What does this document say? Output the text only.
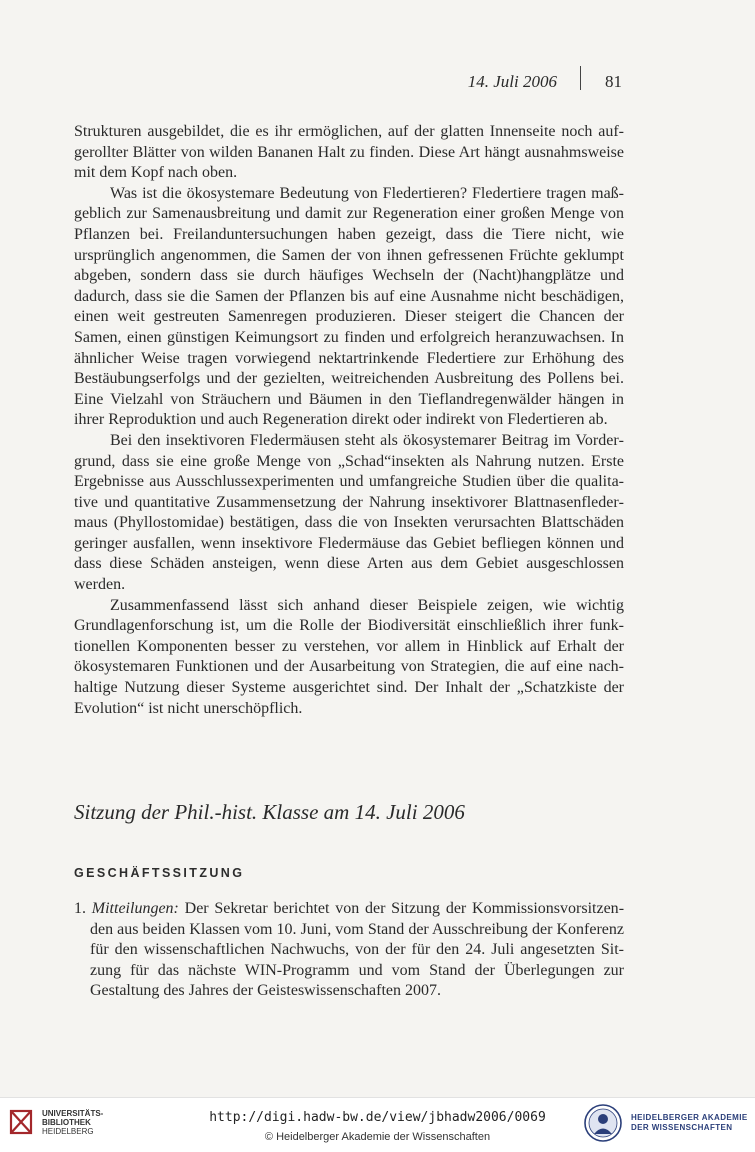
14. Juli 2006	81

Strukturen ausgebildet, die es ihr ermöglichen, auf der glatten Innenseite noch aufgerollter Blätter von wilden Bananen Halt zu finden. Diese Art hängt ausnahmsweise mit dem Kopf nach oben.

Was ist die ökosystemare Bedeutung von Fledertieren? Fledertiere tragen maßgeblich zur Samenausbreitung und damit zur Regeneration einer großen Menge von Pflanzen bei. Freilanduntersuchungen haben gezeigt, dass die Tiere nicht, wie ursprünglich angenommen, die Samen der von ihnen gefressenen Früchte geklumpt abgeben, sondern dass sie durch häufiges Wechseln der (Nacht)hangplätze und dadurch, dass sie die Samen der Pflanzen bis auf eine Ausnahme nicht beschädigen, einen weit gestreuten Samenregen produzieren. Dieser steigert die Chancen der Samen, einen günstigen Keimungsort zu finden und erfolgreich heranzuwachsen. In ähnlicher Weise tragen vorwiegend nektartrinkende Fledertiere zur Erhöhung des Bestäubungserfolgs und der gezielten, weitreichenden Ausbreitung des Pollens bei. Eine Vielzahl von Sträuchern und Bäumen in den Tieflandregenwälder hängen in ihrer Reproduktion und auch Regeneration direkt oder indirekt von Fledertieren ab.

Bei den insektivoren Fledermäusen steht als ökosystemarer Beitrag im Vordergrund, dass sie eine große Menge von „Schad“insekten als Nahrung nutzen. Erste Ergebnisse aus Ausschlussexperimenten und umfangreiche Studien über die qualitative und quantitative Zusammensetzung der Nahrung insektivorer Blattnasenfledermaus (Phyllostomidae) bestätigen, dass die von Insekten verursachten Blattschäden geringer ausfallen, wenn insektivore Fledermäuse das Gebiet befliegen können und dass diese Schäden ansteigen, wenn diese Arten aus dem Gebiet ausgeschlossen werden.

Zusammenfassend lässt sich anhand dieser Beispiele zeigen, wie wichtig Grundlagenforschung ist, um die Rolle der Biodiversität einschließlich ihrer funktionellen Komponenten besser zu verstehen, vor allem in Hinblick auf Erhalt der ökosystemaren Funktionen und der Ausarbeitung von Strategien, die auf eine nachhaltige Nutzung dieser Systeme ausgerichtet sind. Der Inhalt der „Schatzkiste der Evolution“ ist nicht unerschöpflich.

Sitzung der Phil.-hist. Klasse am 14. Juli 2006
GESCHÄFTSSITZUNG
1. Mitteilungen: Der Sekretar berichtet von der Sitzung der Kommissionsvorsitzenden aus beiden Klassen vom 10. Juni, vom Stand der Ausschreibung der Konferenz für den wissenschaftlichen Nachwuchs, von der für den 24. Juli angesetzten Sitzung für das nächste WIN-Programm und vom Stand der Überlegungen zur Gestaltung des Jahres der Geisteswissenschaften 2007.
UNIVERSITÄTS-
BIBLIOTHEK
HEIDELBERG
http://digi.hadw-bw.de/view/jbhadw2006/0069
© Heidelberger Akademie der Wissenschaften
HEIDELBERGER AKADEMIE
DER WISSENSCHAFTEN
